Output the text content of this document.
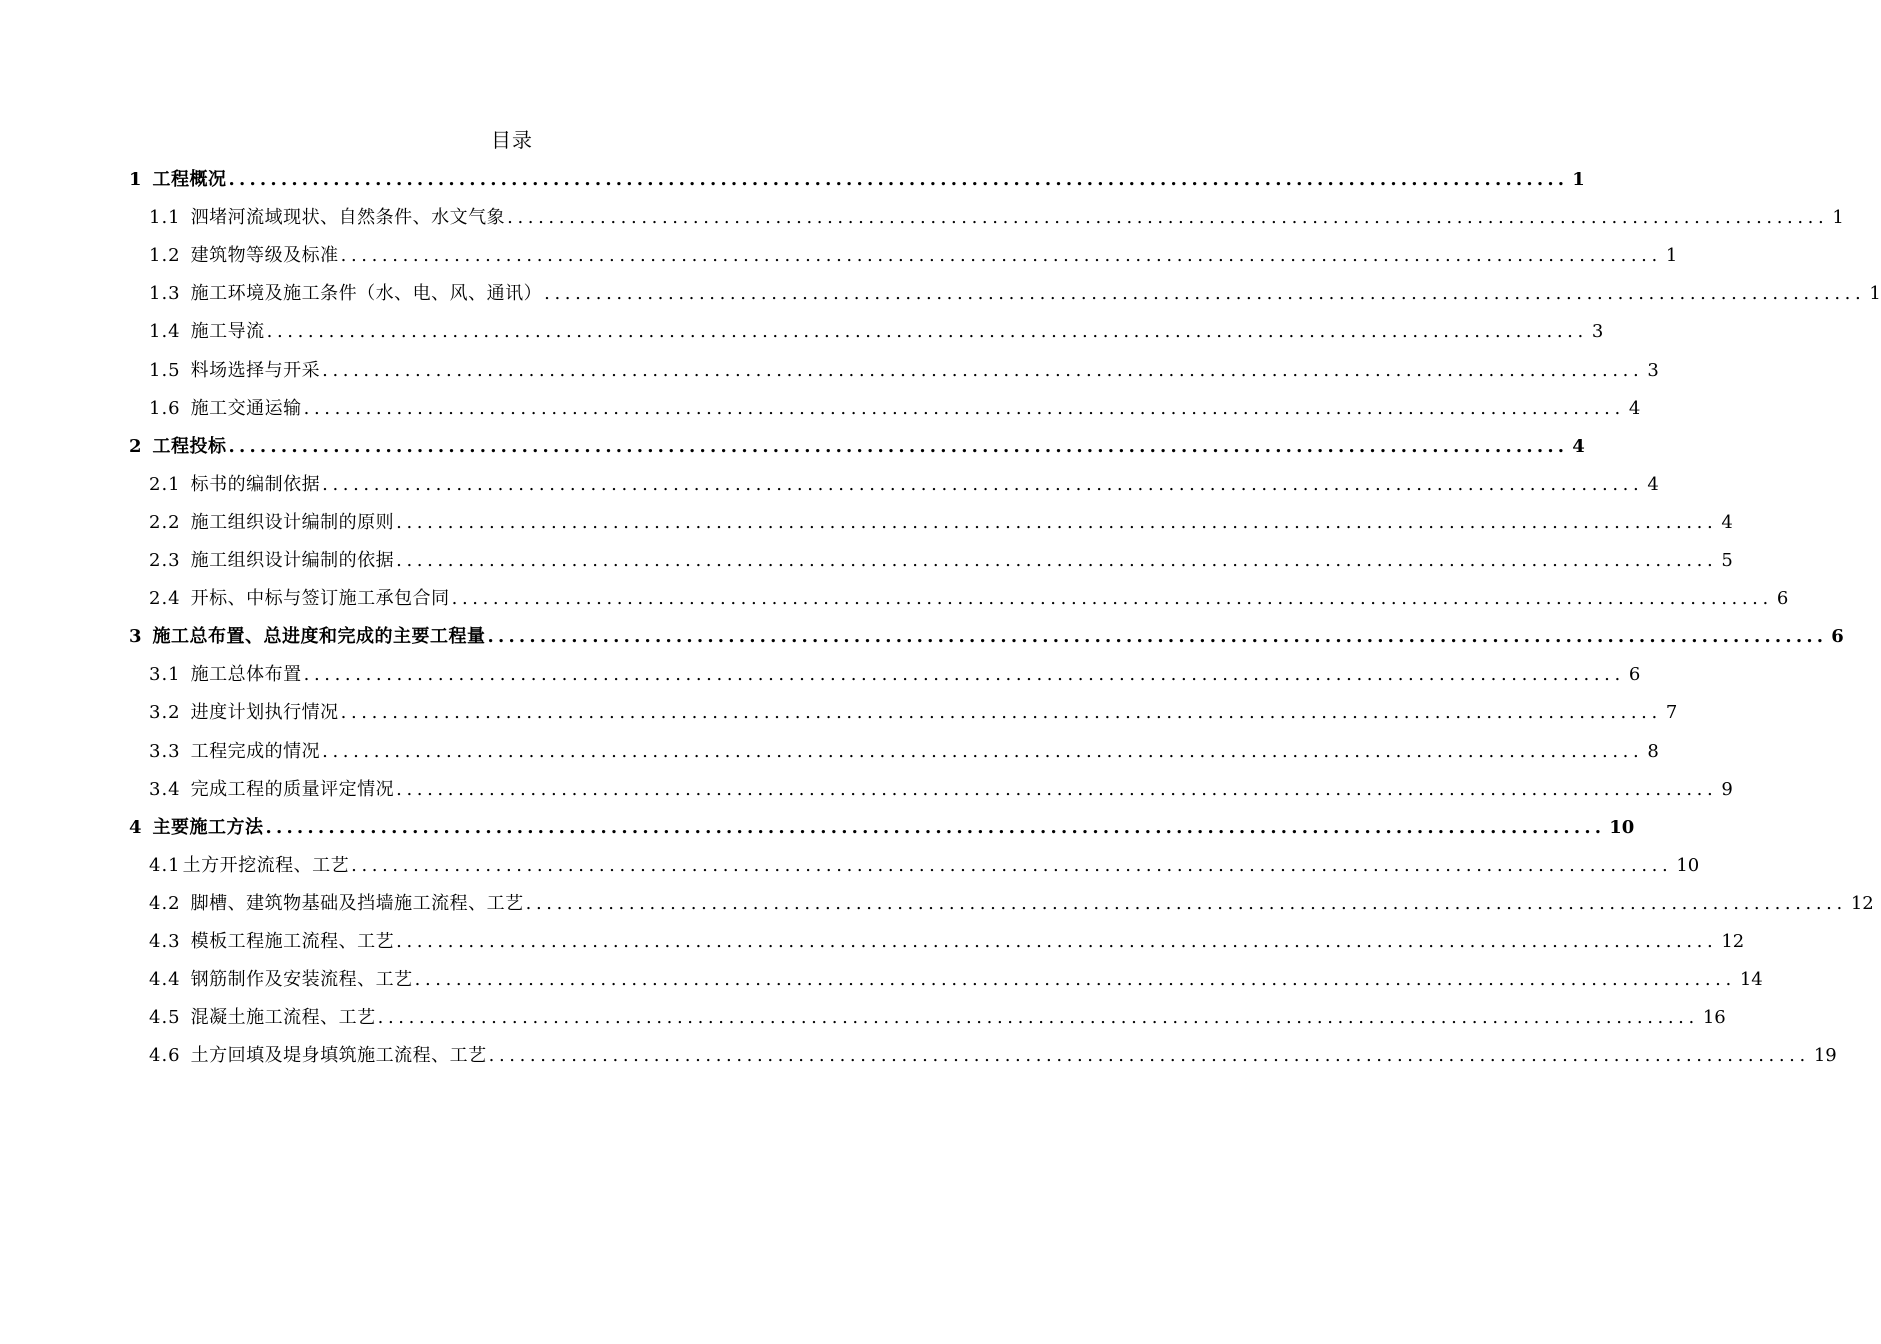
目录
1 工程概况 ................................................................................................................................ 1
1.1 泗堵河流域现状、自然条件、水文气象 ................................................................................................................................ 1
1.2 建筑物等级及标准 ................................................................................................................................ 1
1.3 施工环境及施工条件（水、电、风、通讯） ................................................................................................................................ 1
1.4 施工导流 ................................................................................................................................ 3
1.5 料场选择与开采 ................................................................................................................................ 3
1.6 施工交通运输 ................................................................................................................................ 4
2 工程投标 ................................................................................................................................ 4
2.1 标书的编制依据 ................................................................................................................................ 4
2.2 施工组织设计编制的原则 ................................................................................................................................ 4
2.3 施工组织设计编制的依据 ................................................................................................................................ 5
2.4 开标、中标与签订施工承包合同 ................................................................................................................................ 6
3 施工总布置、总进度和完成的主要工程量 ................................................................................................................................ 6
3.1 施工总体布置 ................................................................................................................................ 6
3.2 进度计划执行情况 ................................................................................................................................ 7
3.3 工程完成的情况 ................................................................................................................................ 8
3.4 完成工程的质量评定情况 ................................................................................................................................ 9
4 主要施工方法 ................................................................................................................................ 10
4.1 土方开挖流程、工艺 ................................................................................................................................ 10
4.2 脚槽、建筑物基础及挡墙施工流程、工艺 ................................................................................................................................ 12
4.3 模板工程施工流程、工艺 ................................................................................................................................ 12
4.4 钢筋制作及安装流程、工艺 ................................................................................................................................ 14
4.5 混凝土施工流程、工艺 ................................................................................................................................ 16
4.6 土方回填及堤身填筑施工流程、工艺 ................................................................................................................................ 19
